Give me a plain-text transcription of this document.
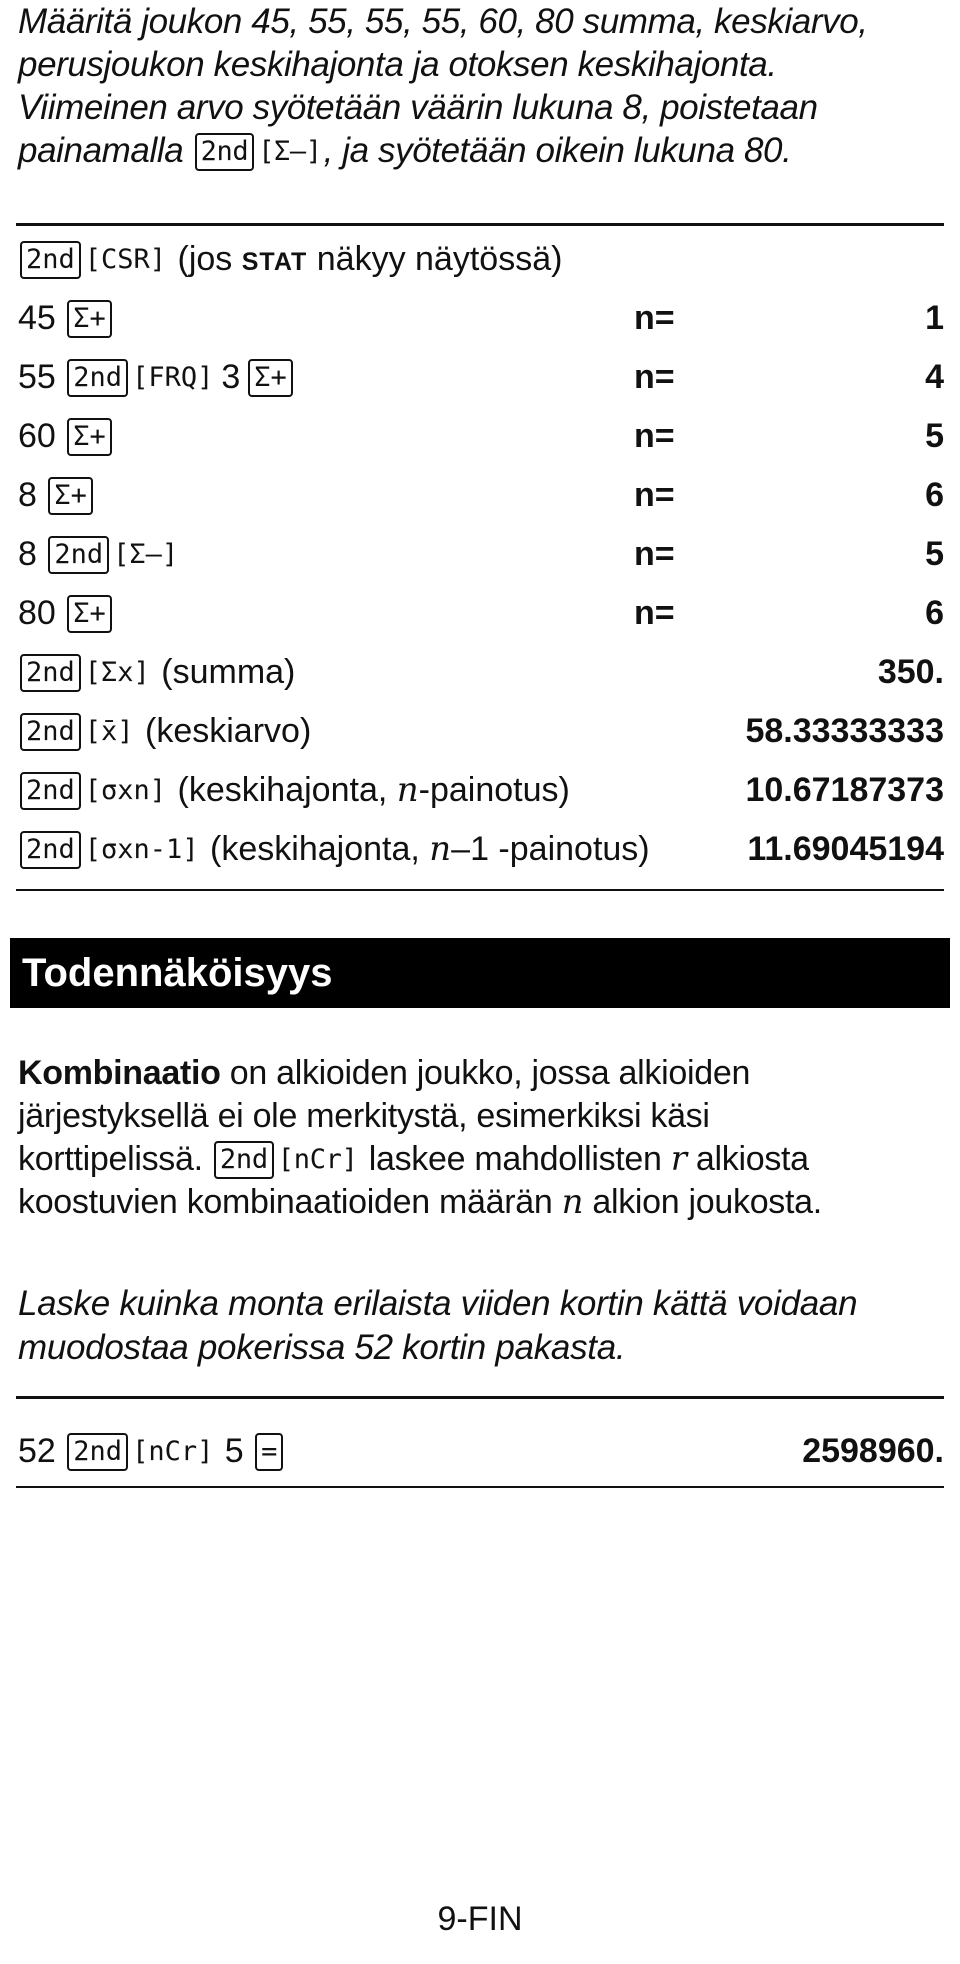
Määritä joukon 45, 55, 55, 55, 60, 80 summa, keskiarvo,
perusjoukon keskihajonta ja otoksen keskihajonta.
Viimeinen arvo syötetään väärin lukuna 8, poistetaan
painamalla 2nd [Σ–], ja syötetään oikein lukuna 80.
2nd [CSR] (jos STAT näkyy näytössä)
45 Σ+	n=	1
55 2nd [FRQ] 3 Σ+	n=	4
60 Σ+	n=	5
8 Σ+	n=	6
8 2nd [Σ–]	n=	5
80 Σ+	n=	6
2nd [Σx] (summa)	350.
2nd [x̄] (keskiarvo)	58.33333333
2nd [σxn] (keskihajonta, n-painotus)	10.67187373
2nd [σxn-1] (keskihajonta, n–1 -painotus)	11.69045194
Todennäköisyys
Kombinaatio on alkioiden joukko, jossa alkioiden
järjestyksellä ei ole merkitystä, esimerkiksi käsi
korttipelissä. 2nd [nCr] laskee mahdollisten r alkiosta
koostuvien kombinaatioiden määrän n alkion joukosta.
Laske kuinka monta erilaista viiden kortin kättä voidaan
muodostaa pokerissa 52 kortin pakasta.
52 2nd [nCr] 5 =	2598960.
9-FIN
